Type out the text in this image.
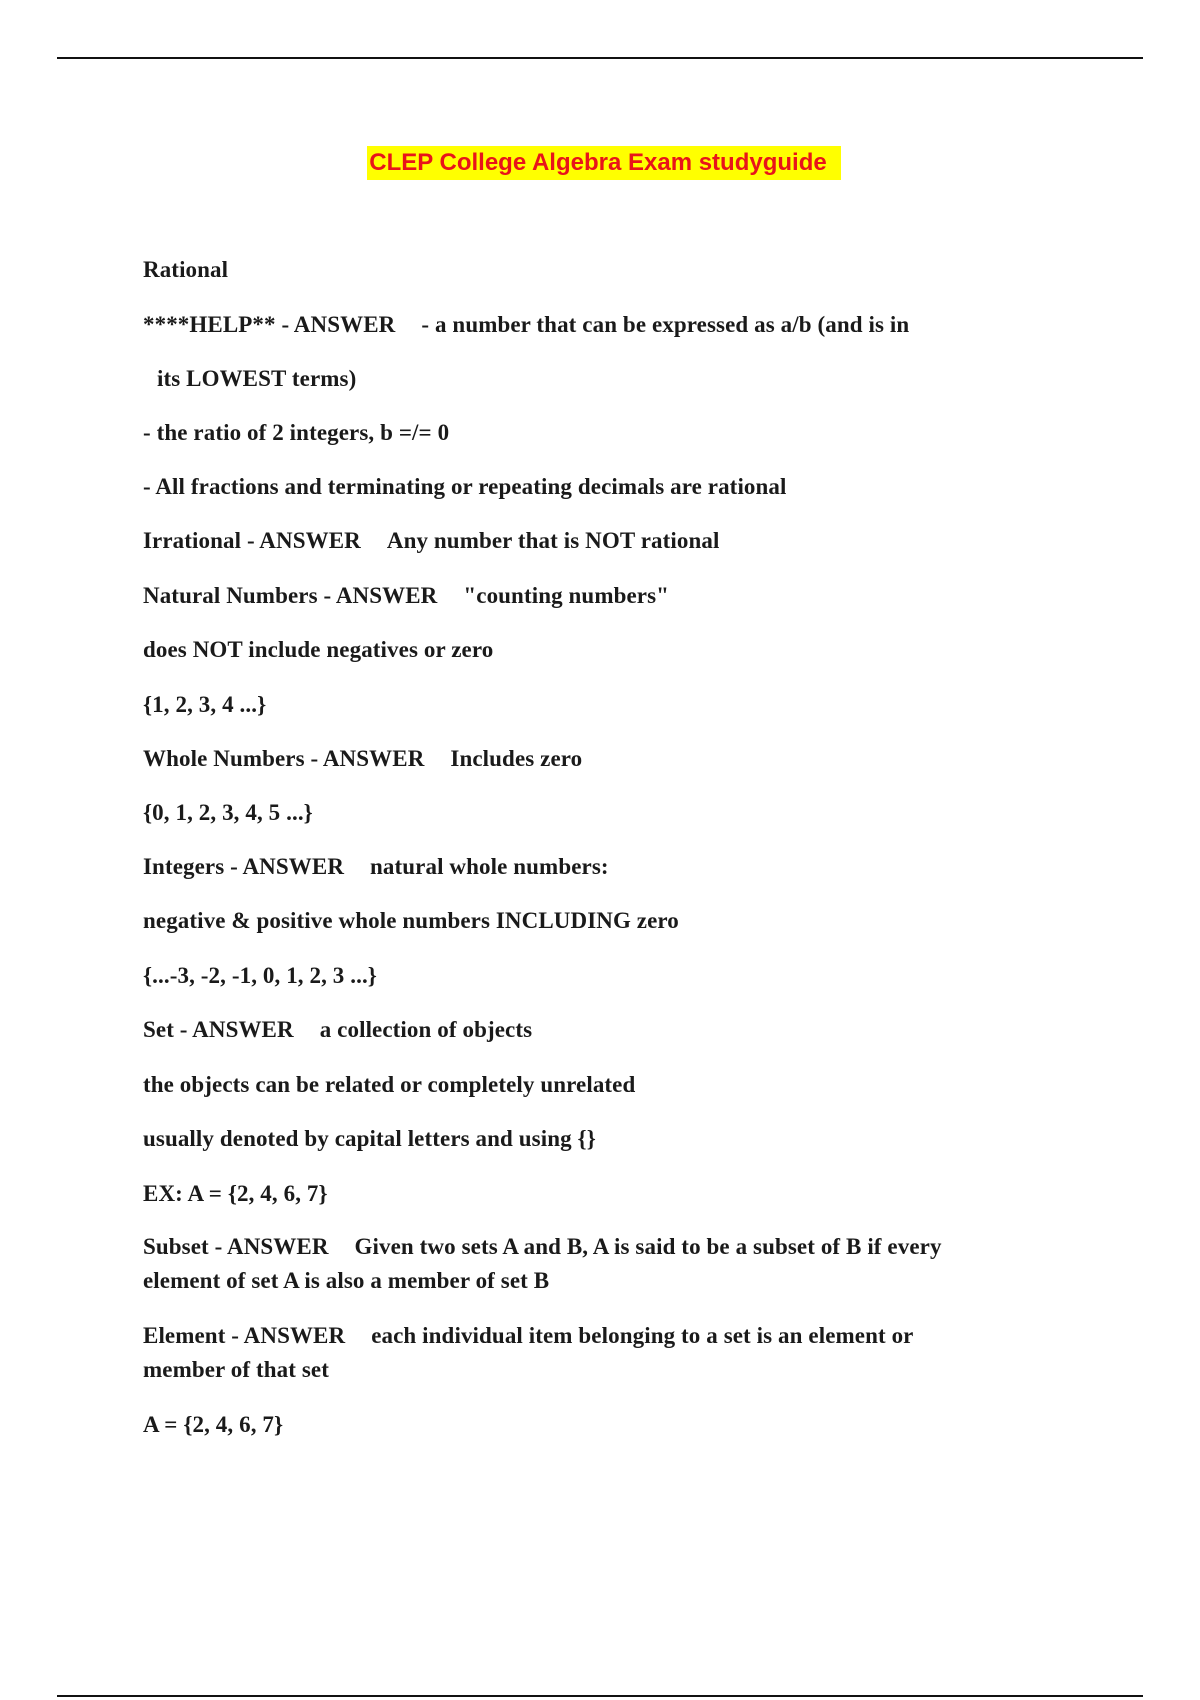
CLEP College Algebra Exam studyguide
Rational
****HELP** - ANSWER - a number that can be expressed as a/b (and is in
its LOWEST terms)
- the ratio of 2 integers, b =/= 0
- All fractions and terminating or repeating decimals are rational
Irrational - ANSWER Any number that is NOT rational
Natural Numbers - ANSWER "counting numbers"
does NOT include negatives or zero
{1, 2, 3, 4 ...}
Whole Numbers - ANSWER Includes zero
{0, 1, 2, 3, 4, 5 ...}
Integers - ANSWER natural whole numbers:
negative & positive whole numbers INCLUDING zero
{...-3, -2, -1, 0, 1, 2, 3 ...}
Set - ANSWER a collection of objects
the objects can be related or completely unrelated
usually denoted by capital letters and using {}
EX: A = {2, 4, 6, 7}
Subset - ANSWER Given two sets A and B, A is said to be a subset of B if every
element of set A is also a member of set B
Element - ANSWER each individual item belonging to a set is an element or
member of that set
A = {2, 4, 6, 7}
